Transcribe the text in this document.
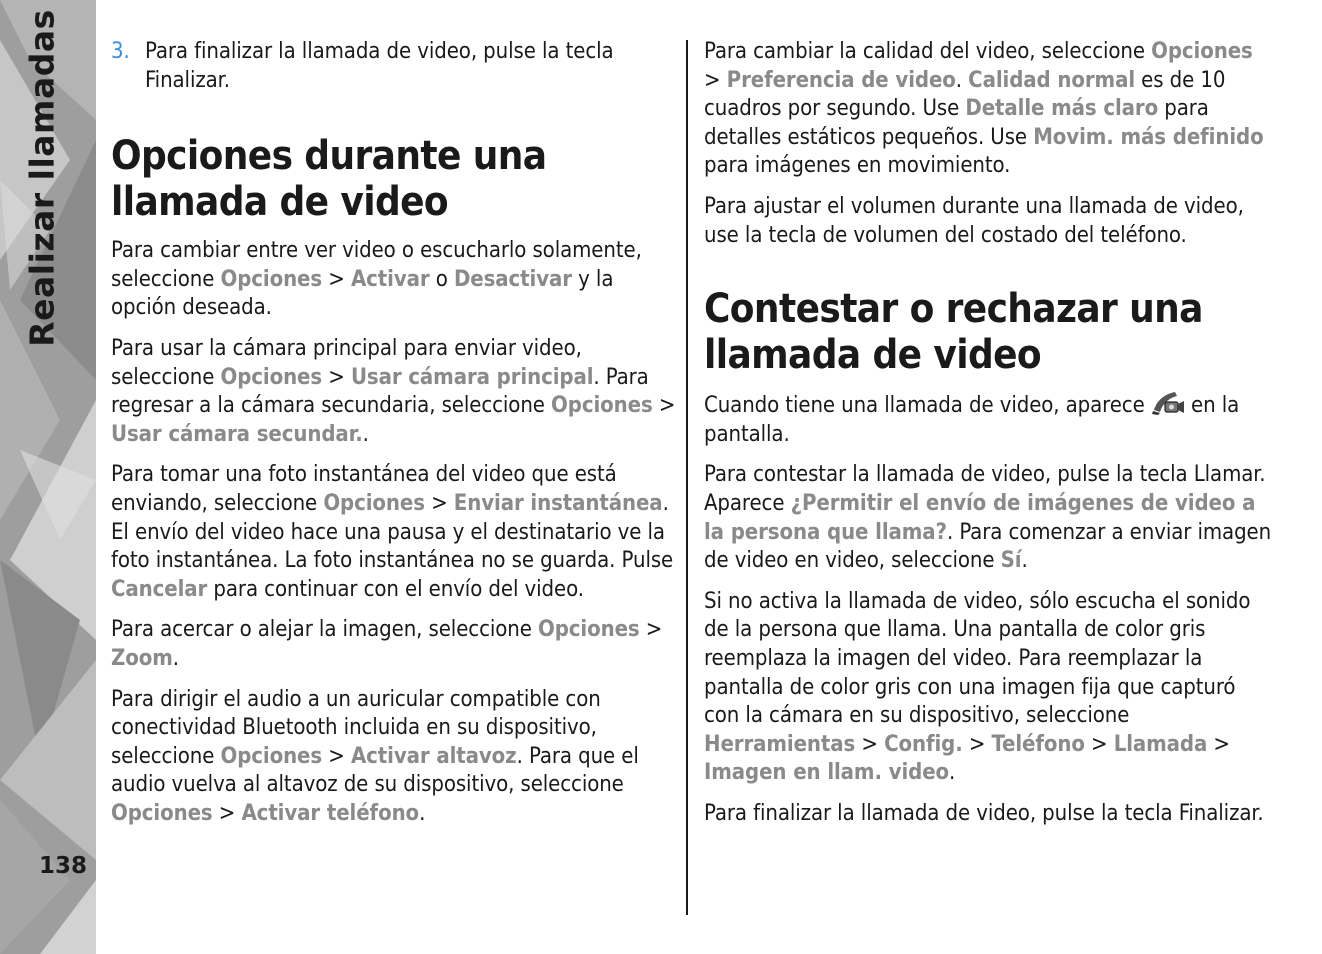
Realizar llamadas
138

3. Para finalizar la llamada de video, pulse la tecla Finalizar.

Opciones durante una llamada de video

Para cambiar entre ver video o escucharlo solamente, seleccione Opciones > Activar o Desactivar y la opción deseada.

Para usar la cámara principal para enviar video, seleccione Opciones > Usar cámara principal. Para regresar a la cámara secundaria, seleccione Opciones > Usar cámara secundar..

Para tomar una foto instantánea del video que está enviando, seleccione Opciones > Enviar instantánea. El envío del video hace una pausa y el destinatario ve la foto instantánea. La foto instantánea no se guarda. Pulse Cancelar para continuar con el envío del video.

Para acercar o alejar la imagen, seleccione Opciones > Zoom.

Para dirigir el audio a un auricular compatible con conectividad Bluetooth incluida en su dispositivo, seleccione Opciones > Activar altavoz. Para que el audio vuelva al altavoz de su dispositivo, seleccione Opciones > Activar teléfono.

Para cambiar la calidad del video, seleccione Opciones > Preferencia de video. Calidad normal es de 10 cuadros por segundo. Use Detalle más claro para detalles estáticos pequeños. Use Movim. más definido para imágenes en movimiento.

Para ajustar el volumen durante una llamada de video, use la tecla de volumen del costado del teléfono.

Contestar o rechazar una llamada de video

Cuando tiene una llamada de video, aparece  en la pantalla.

Para contestar la llamada de video, pulse la tecla Llamar. Aparece ¿Permitir el envío de imágenes de video a la persona que llama?. Para comenzar a enviar imagen de video en video, seleccione Sí.

Si no activa la llamada de video, sólo escucha el sonido de la persona que llama. Una pantalla de color gris reemplaza la imagen del video. Para reemplazar la pantalla de color gris con una imagen fija que capturó con la cámara en su dispositivo, seleccione Herramientas > Config. > Teléfono > Llamada > Imagen en llam. video.

Para finalizar la llamada de video, pulse la tecla Finalizar.
